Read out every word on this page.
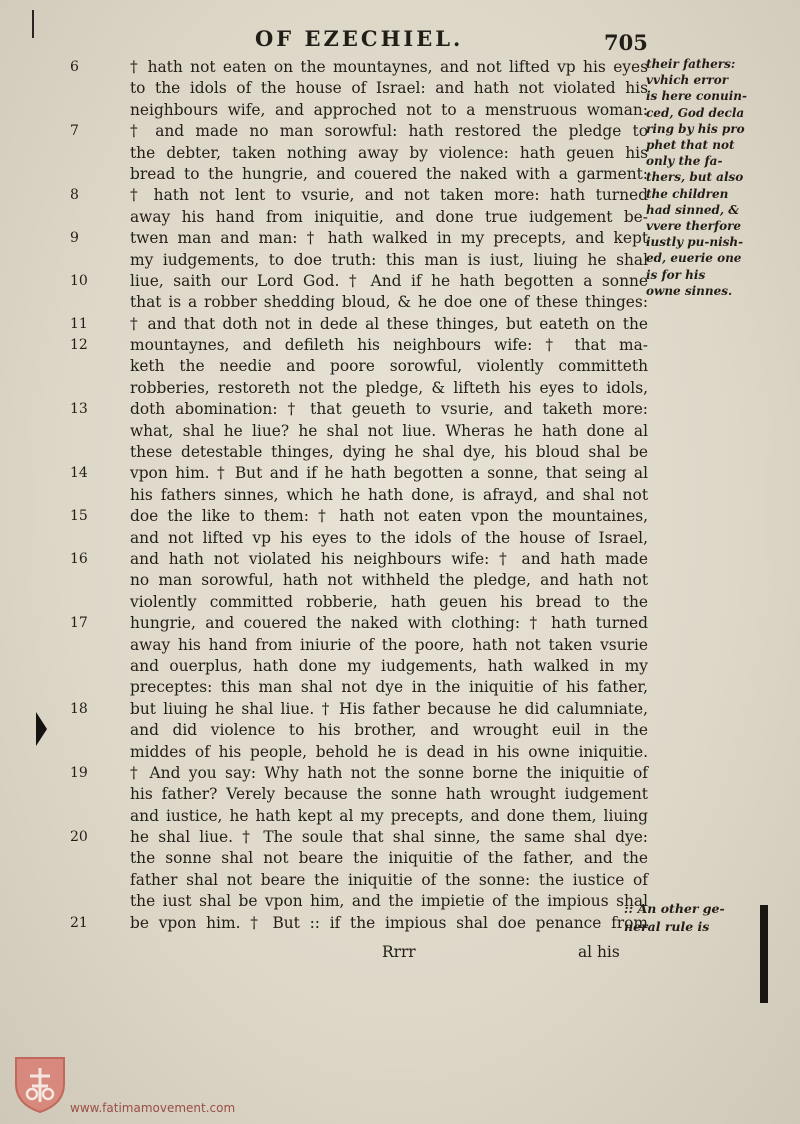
OF EZECHIEL.	705
6	† hath not eaten on the mountaynes, and not lifted vp his eyes
to the idols of the house of Israel: and hath not violated his
neighbours wife, and approched not to a menstruous woman:
7	† and made no man sorowful: hath restored the pledge to
the debter, taken nothing away by violence: hath geuen his
bread to the hungrie, and couered the naked with a garment:
8	† hath not lent to vsurie, and not taken more: hath turned
away his hand from iniquitie, and done true iudgement be-
9	twen man and man: † hath walked in my precepts, and kept
my iudgements, to doe truth: this man is iust, liuing he shal
10	liue, saith our Lord God. † And if he hath begotten a sonne
that is a robber shedding bloud, & he doe one of these thinges:
11	† and that doth not in dede al these thinges, but eateth on the
12	mountaynes, and defileth his neighbours wife: † that ma-
keth the needie and poore sorowful, violently committeth
robberies, restoreth not the pledge, & lifteth his eyes to idols,
13	doth abomination: † that geueth to vsurie, and taketh more:
what, shal he liue? he shal not liue. Wheras he hath done al
these detestable thinges, dying he shal dye, his bloud shal be
14	vpon him. † But and if he hath begotten a sonne, that seing al
his fathers sinnes, which he hath done, is afrayd, and shal not
15	doe the like to them: † hath not eaten vpon the mountaines,
and not lifted vp his eyes to the idols of the house of Israel,
16	and hath not violated his neighbours wife: † and hath made
no man sorowful, hath not withheld the pledge, and hath not
violently committed robberie, hath geuen his bread to the
17	hungrie, and couered the naked with clothing: † hath turned
away his hand from iniurie of the poore, hath not taken vsurie
and ouerplus, hath done my iudgements, hath walked in my
preceptes: this man shal not dye in the iniquitie of his father,
18	but liuing he shal liue. † His father because he did calumniate,
and did violence to his brother, and wrought euil in the
middes of his people, behold he is dead in his owne iniquitie.
19	† And you say: Why hath not the sonne borne the iniquitie of
his father? Verely because the sonne hath wrought iudgement
and iustice, he hath kept al my precepts, and done them, liuing
20	he shal liue. † The soule that shal sinne, the same shal dye:
the sonne shal not beare the iniquitie of the father, and the
father shal not beare the iniquitie of the sonne: the iustice of
the iust shal be vpon him, and the impietie of the impious shal
21	be vpon him. † But :: if the impious shal doe penance from
their fathers:
vvhich error
is here conuin-
ced, God decla
ring by his pro
phet that not
only the fa-
thers, but also
the children
had sinned, &
vvere therfore
iustly pu-nish-
ed, euerie one
is for his
owne sinnes.
:: An other ge-
neral rule is
Rrrr	al his
www.fatimamovement.com
